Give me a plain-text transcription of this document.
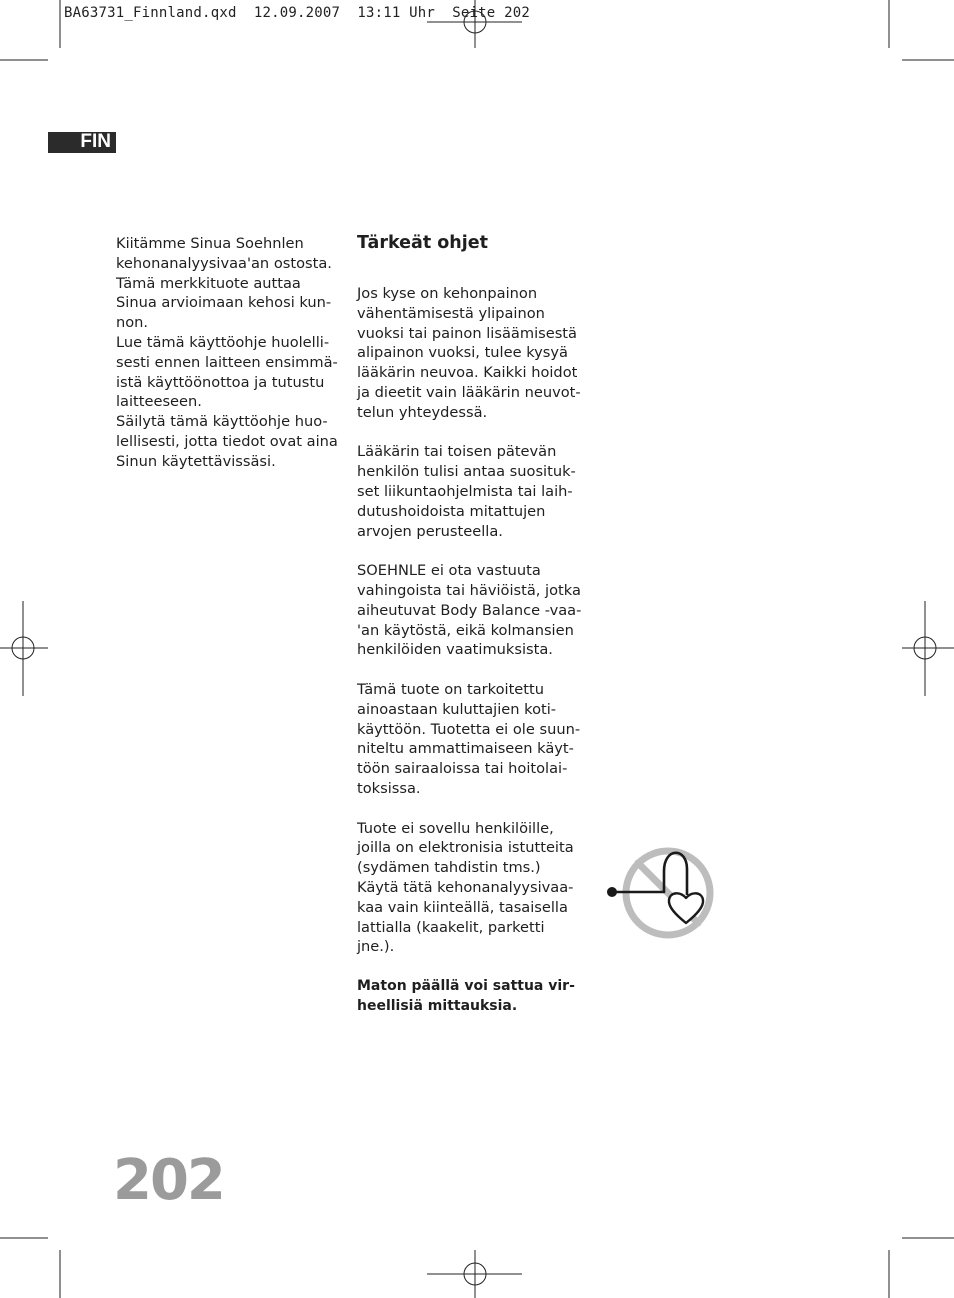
BA63731_Finnland.qxd  12.09.2007  13:11 Uhr  Seite 202
FIN

Kiitämme Sinua Soehnlen

kehonanalyysivaa'an ostosta.

Tämä merkkituote auttaa

Sinua arvioimaan kehosi kun-

non.

Lue tämä käyttöohje huolelli-

sesti ennen laitteen ensimmä-

istä käyttöönottoa ja tutustu

laitteeseen.

Säilytä tämä käyttöohje huo-

lellisesti, jotta tiedot ovat aina

Sinun käytettävissäsi.

Tärkeät ohjet

Jos kyse on kehonpainon

vähentämisestä ylipainon

vuoksi tai painon lisäämisestä

alipainon vuoksi, tulee kysyä

lääkärin neuvoa. Kaikki hoidot

ja dieetit vain lääkärin neuvot-

telun yhteydessä.

Lääkärin tai toisen pätevän

henkilön tulisi antaa suosituk-

set liikuntaohjelmista tai laih-

dutushoidoista mitattujen

arvojen perusteella.

SOEHNLE ei ota vastuuta

vahingoista tai häviöistä, jotka

aiheutuvat Body Balance -vaa-

'an käytöstä, eikä kolmansien

henkilöiden vaatimuksista.

Tämä tuote on tarkoitettu

ainoastaan kuluttajien koti-

käyttöön. Tuotetta ei ole suun-

niteltu ammattimaiseen käyt-

töön sairaaloissa tai hoitolai-

toksissa.

Tuote ei sovellu henkilöille,

joilla on elektronisia istutteita

(sydämen tahdistin tms.)

Käytä tätä kehonanalyysivaa-

kaa vain kiinteällä, tasaisella

lattialla (kaakelit, parketti

jne.).

Maton päällä voi sattua vir-

heellisiä mittauksia.

202
